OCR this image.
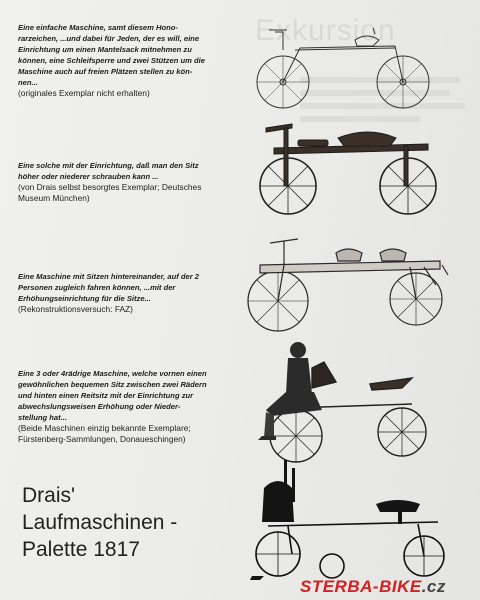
Exkursion
Eine einfache Maschine, samt diesem Hono-
rarzeichen, ...und dabei für Jeden, der es will, eine
Einrichtung um einen Mantelsack mitnehmen zu
können, eine Schleifsperre und zwei Stützen um die
Maschine auch auf freien Plätzen stellen zu kön-
nen...
(originales Exemplar nicht erhalten)
Eine solche mit der Einrichtung, daß man den Sitz
höher oder niederer schrauben kann ...
(von Drais selbst besorgtes Exemplar; Deutsches
Museum München)
Eine Maschine mit Sitzen hintereinander, auf der 2
Personen zugleich fahren können, ...mit der
Erhöhungseinrichtung für die Sitze...
(Rekonstruktionsversuch: FAZ)
Eine 3 oder 4rädrige Maschine, welche vornen einen
gewöhnlichen bequemen Sitz zwischen zwei Rädern
und hinten einen Reitsitz mit der Einrichtung zur
abwechslungsweisen Erhöhung oder Nieder-
stellung hat...
(Beide Maschinen einzig bekannte Exemplare;
Fürstenberg-Sammlungen, Donaueschingen)
Drais'
Laufmaschinen -
Palette 1817
STERBA-BIKE.cz
